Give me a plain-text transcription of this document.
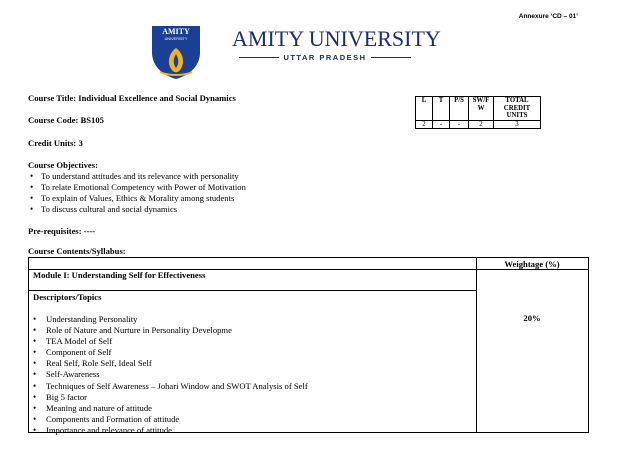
Annexure ‘CD – 01’
AMITY
UNIVERSITY AMITY UNIVERSITY
UTTAR PRADESH
Course Title: Individual Excellence and Social Dynamics
Course Code: BS105
Credit Units: 3
Course Objectives:
• To understand attitudes and its relevance with personality
• To relate Emotional Competency with Power of Motivation
• To explain of Values, Ethics & Morality among students
• To discuss cultural and social dynamics
Pre-requisites: ----
Course Contents/Syllabus:
L	T	P/S	SW/F W	TOTAL CREDIT UNITS
2	-	-	2	3
Weightage (%)
Module I: Understanding Self for Effectiveness
Descriptors/Topics
20%
• Understanding Personality
• Role of Nature and Nurture in Personality Developme
• TEA Model of Self
• Component of Self
• Real Self, Role Self, Ideal Self
• Self-Awareness
• Techniques of Self Awareness – Johari Window and SWOT Analysis of Self
• Big 5 factor
• Meaning and nature of attitude
• Components and Formation of attitude
• Importance and relevance of attitude
